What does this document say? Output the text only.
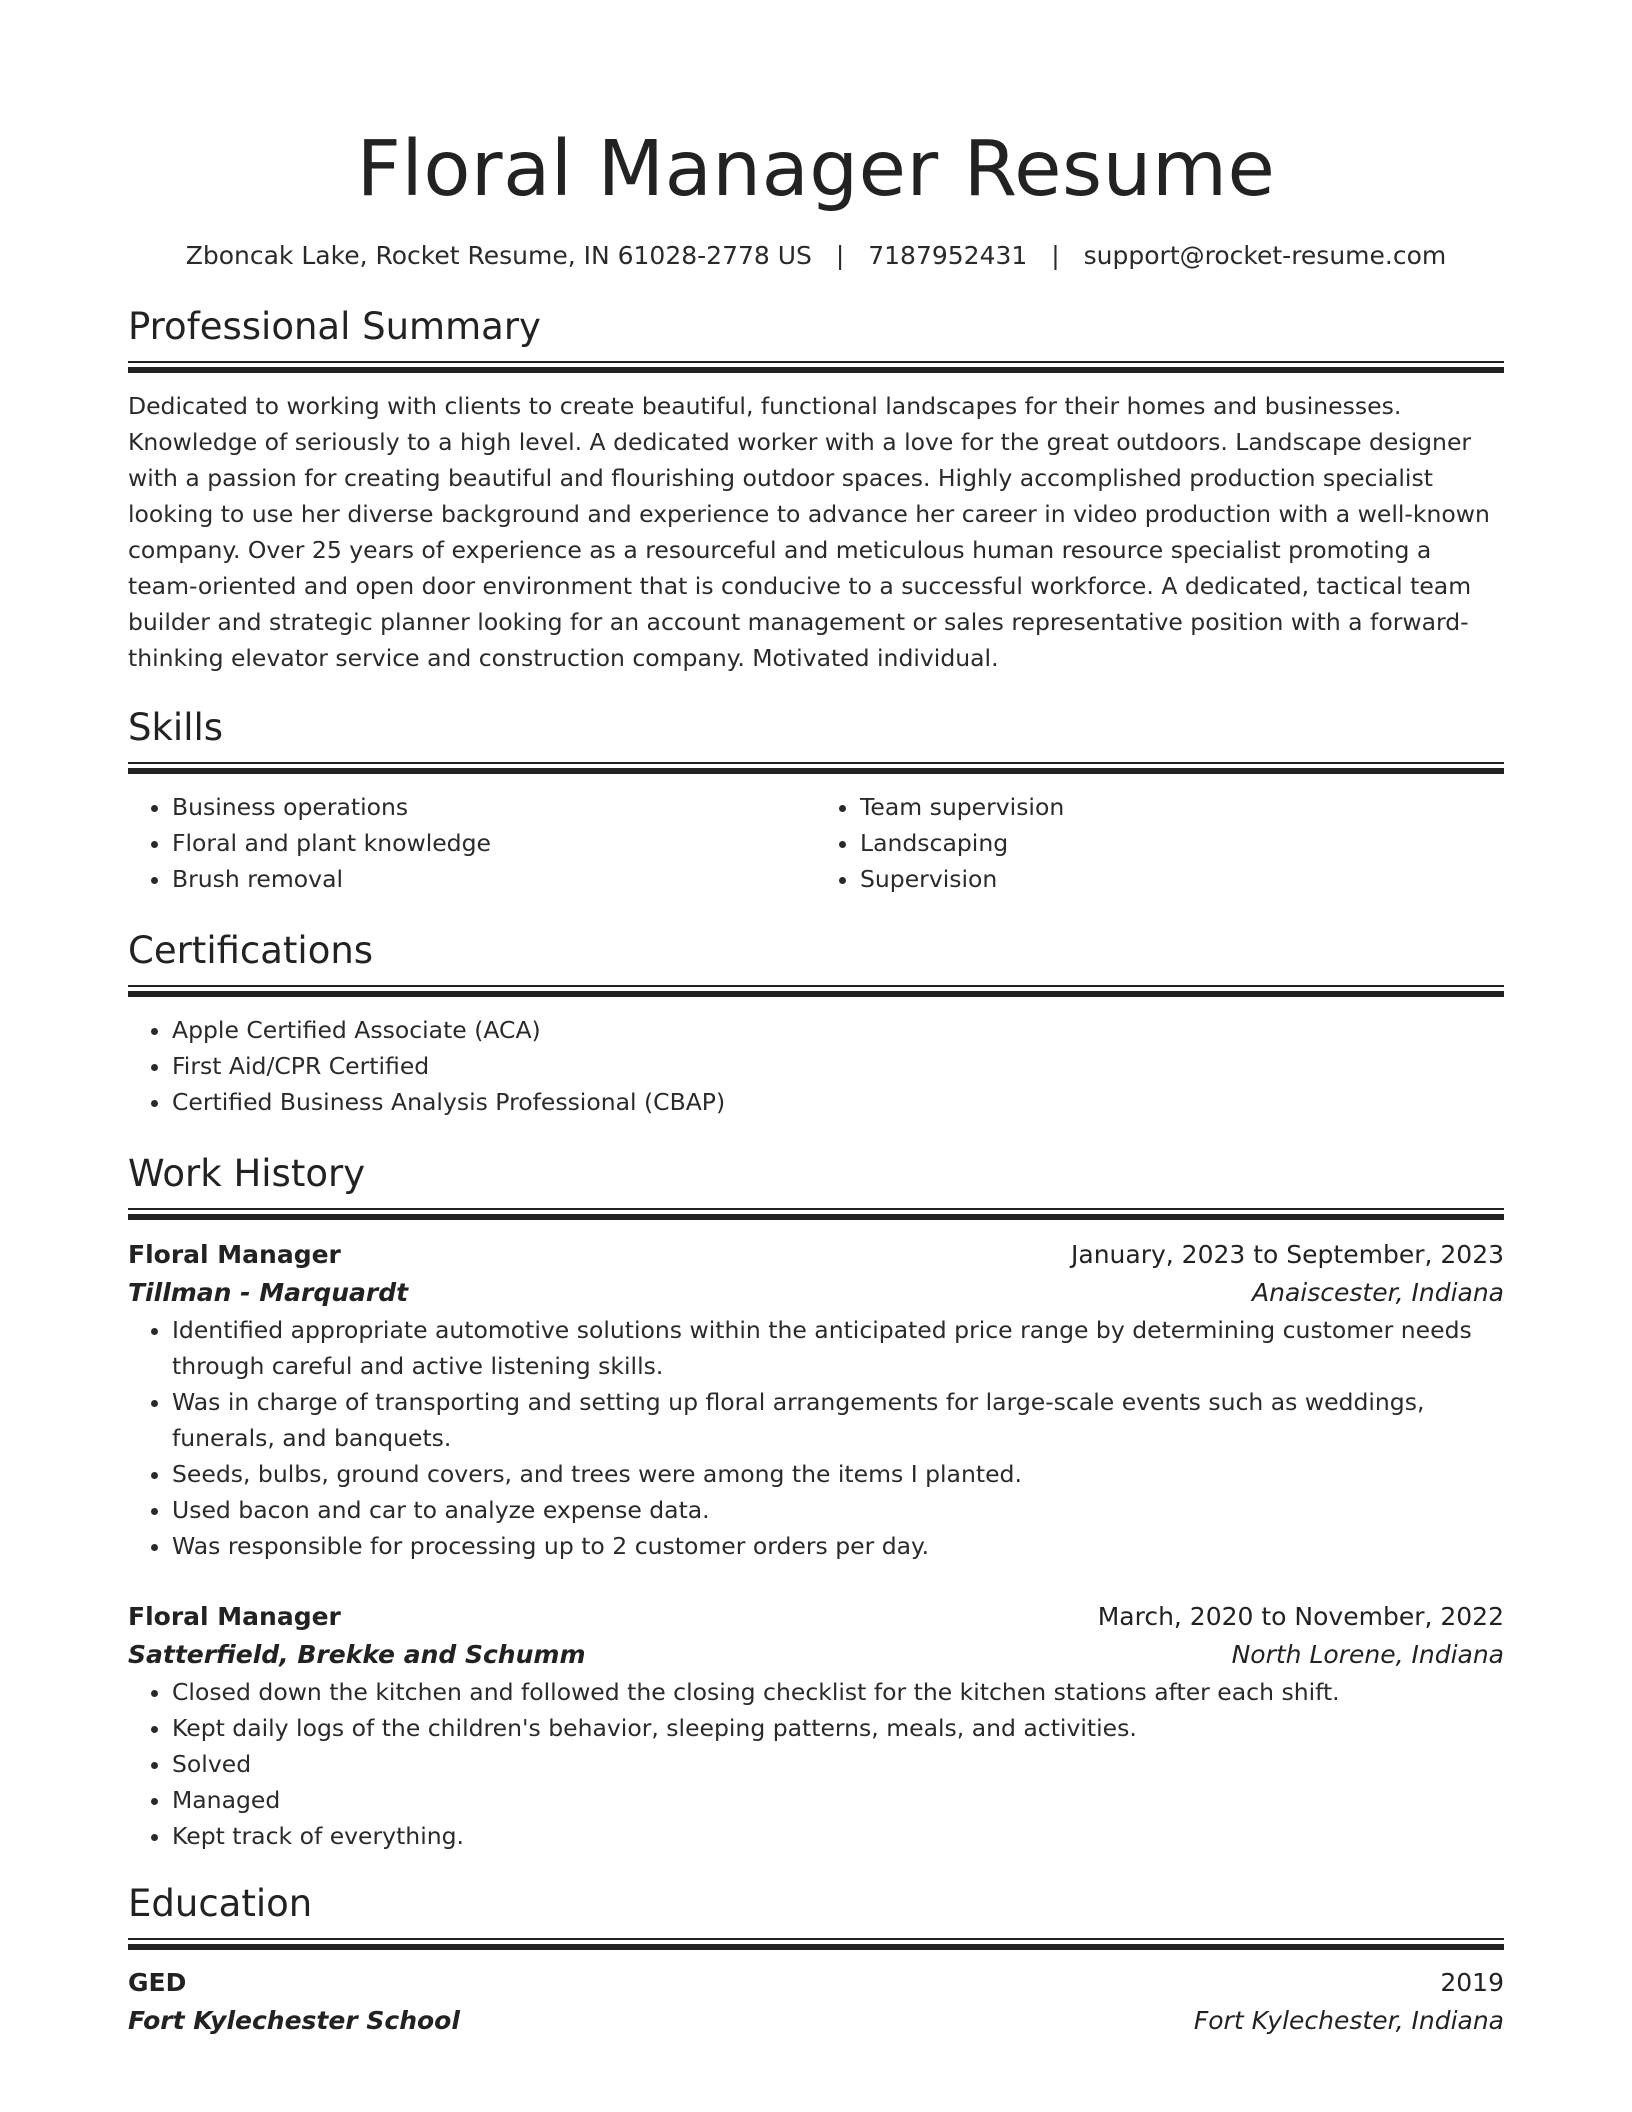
Floral Manager Resume
Zboncak Lake, Rocket Resume, IN 61028-2778 US | 7187952431 | support@rocket-resume.com
Professional Summary
Dedicated to working with clients to create beautiful, functional landscapes for their homes and businesses. Knowledge of seriously to a high level. A dedicated worker with a love for the great outdoors. Landscape designer with a passion for creating beautiful and flourishing outdoor spaces. Highly accomplished production specialist looking to use her diverse background and experience to advance her career in video production with a well-known company. Over 25 years of experience as a resourceful and meticulous human resource specialist promoting a team-oriented and open door environment that is conducive to a successful workforce. A dedicated, tactical team builder and strategic planner looking for an account management or sales representative position with a forward-thinking elevator service and construction company. Motivated individual.
Skills
• Business operations
• Floral and plant knowledge
• Brush removal
• Team supervision
• Landscaping
• Supervision
Certifications
• Apple Certified Associate (ACA)
• First Aid/CPR Certified
• Certified Business Analysis Professional (CBAP)
Work History
Floral Manager	January, 2023 to September, 2023
Tillman - Marquardt	Anaiscester, Indiana
• Identified appropriate automotive solutions within the anticipated price range by determining customer needs through careful and active listening skills.
• Was in charge of transporting and setting up floral arrangements for large-scale events such as weddings, funerals, and banquets.
• Seeds, bulbs, ground covers, and trees were among the items I planted.
• Used bacon and car to analyze expense data.
• Was responsible for processing up to 2 customer orders per day.
Floral Manager	March, 2020 to November, 2022
Satterfield, Brekke and Schumm	North Lorene, Indiana
• Closed down the kitchen and followed the closing checklist for the kitchen stations after each shift.
• Kept daily logs of the children's behavior, sleeping patterns, meals, and activities.
• Solved
• Managed
• Kept track of everything.
Education
GED	2019
Fort Kylechester School	Fort Kylechester, Indiana
